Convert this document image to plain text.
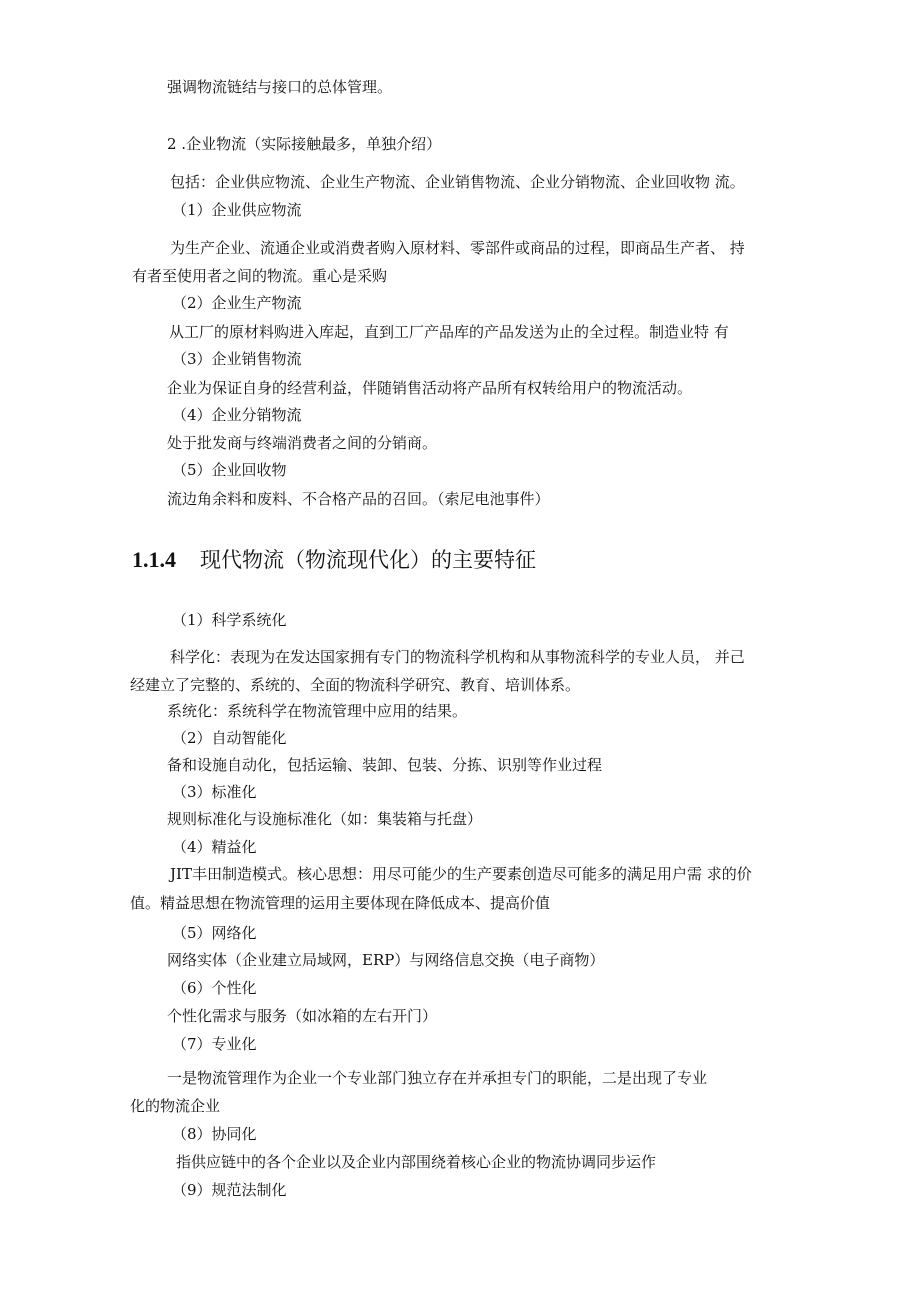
强调物流链结与接口的总体管理。
2 .企业物流（实际接触最多，单独介绍）
包括：企业供应物流、企业生产物流、企业销售物流、企业分销物流、企业回收物 流。
（1）企业供应物流
为生产企业、流通企业或消费者购入原材料、零部件或商品的过程，即商品生产者、 持
有者至使用者之间的物流。重心是采购
（2）企业生产物流
从工厂的原材料购进入库起，直到工厂产品库的产品发送为止的全过程。制造业特 有
（3）企业销售物流
企业为保证自身的经营利益，伴随销售活动将产品所有权转给用户的物流活动。
（4）企业分销物流
处于批发商与终端消费者之间的分销商。
（5）企业回收物
流边角余料和废料、不合格产品的召回。（索尼电池事件）
1.1.4 现代物流（物流现代化）的主要特征
（1）科学系统化
科学化：表现为在发达国家拥有专门的物流科学机构和从事物流科学的专业人员， 并己
经建立了完整的、系统的、全面的物流科学研究、教育、培训体系。
系统化：系统科学在物流管理中应用的结果。
（2）自动智能化
备和设施自动化，包括运输、装卸、包装、分拣、识别等作业过程
（3）标准化
规则标准化与设施标准化（如：集装箱与托盘）
（4）精益化
JIT丰田制造模式。核心思想：用尽可能少的生产要素创造尽可能多的满足用户需 求的价
值。精益思想在物流管理的运用主要体现在降低成本、提高价值
（5）网络化
网络实体（企业建立局域网，ERP）与网络信息交换（电子商物）
（6）个性化
个性化需求与服务（如冰箱的左右开门）
（7）专业化
一是物流管理作为企业一个专业部门独立存在并承担专门的职能，二是出现了专业
化的物流企业
（8）协同化
指供应链中的各个企业以及企业内部围绕着核心企业的物流协调同步运作
（9）规范法制化
